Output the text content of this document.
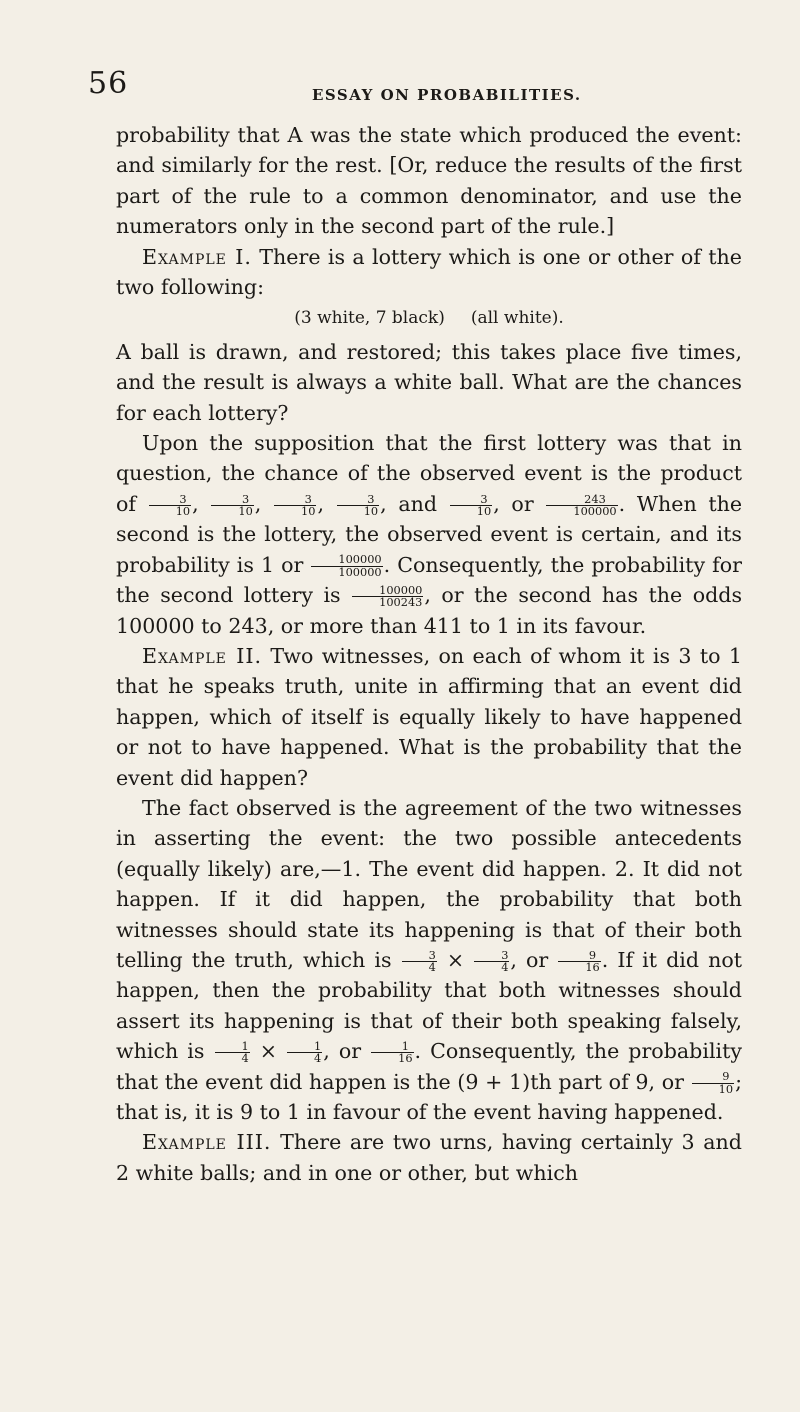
56	ESSAY ON PROBABILITIES.

probability that A was the state which produced the event: and similarly for the rest. [Or, reduce the results of the first part of the rule to a common denominator, and use the numerators only in the second part of the rule.]

Example I. There is a lottery which is one or other of the two following:

(3 white, 7 black) (all white).

A ball is drawn, and restored; this takes place five times, and the result is always a white ball. What are the chances for each lottery?

Upon the supposition that the first lottery was that in question, the chance of the observed event is the product of $\frac{3}{10}$ , $\frac{3}{10}$ , $\frac{3}{10}$ , $\frac{3}{10}$ , and $\frac{3}{10}$ , or $\frac{243}{100000}$ . When the second is the lottery, the observed event is certain, and its probability is 1 or $\frac{100000}{100000}$ . Consequently, the probability for the second lottery is $\frac{100000}{100243}$ , or the second has the odds 100000 to 243, or more than 411 to 1 in its favour.

Example II. Two witnesses, on each of whom it is 3 to 1 that he speaks truth, unite in affirming that an event did happen, which of itself is equally likely to have happened or not to have happened. What is the probability that the event did happen?

The fact observed is the agreement of the two witnesses in asserting the event: the two possible antecedents (equally likely) are,—1. The event did happen. 2. It did not happen. If it did happen, the probability that both witnesses should state its happening is that of their both telling the truth, which is $\frac{3}{4} \times \frac{3}{4}$ , or $\frac{9}{16}$ . If it did not happen, then the probability that both witnesses should assert its happening is that of their both speaking falsely, which is $\frac{1}{4} \times \frac{1}{4}$ , or $\frac{1}{16}$ . Consequently, the probability that the event did happen is the (9 + 1)th part of 9, or $\frac{9}{10}$ ; that is, it is 9 to 1 in favour of the event having happened.

Example III. There are two urns, having certainly 3 and 2 white balls; and in one or other, but which
